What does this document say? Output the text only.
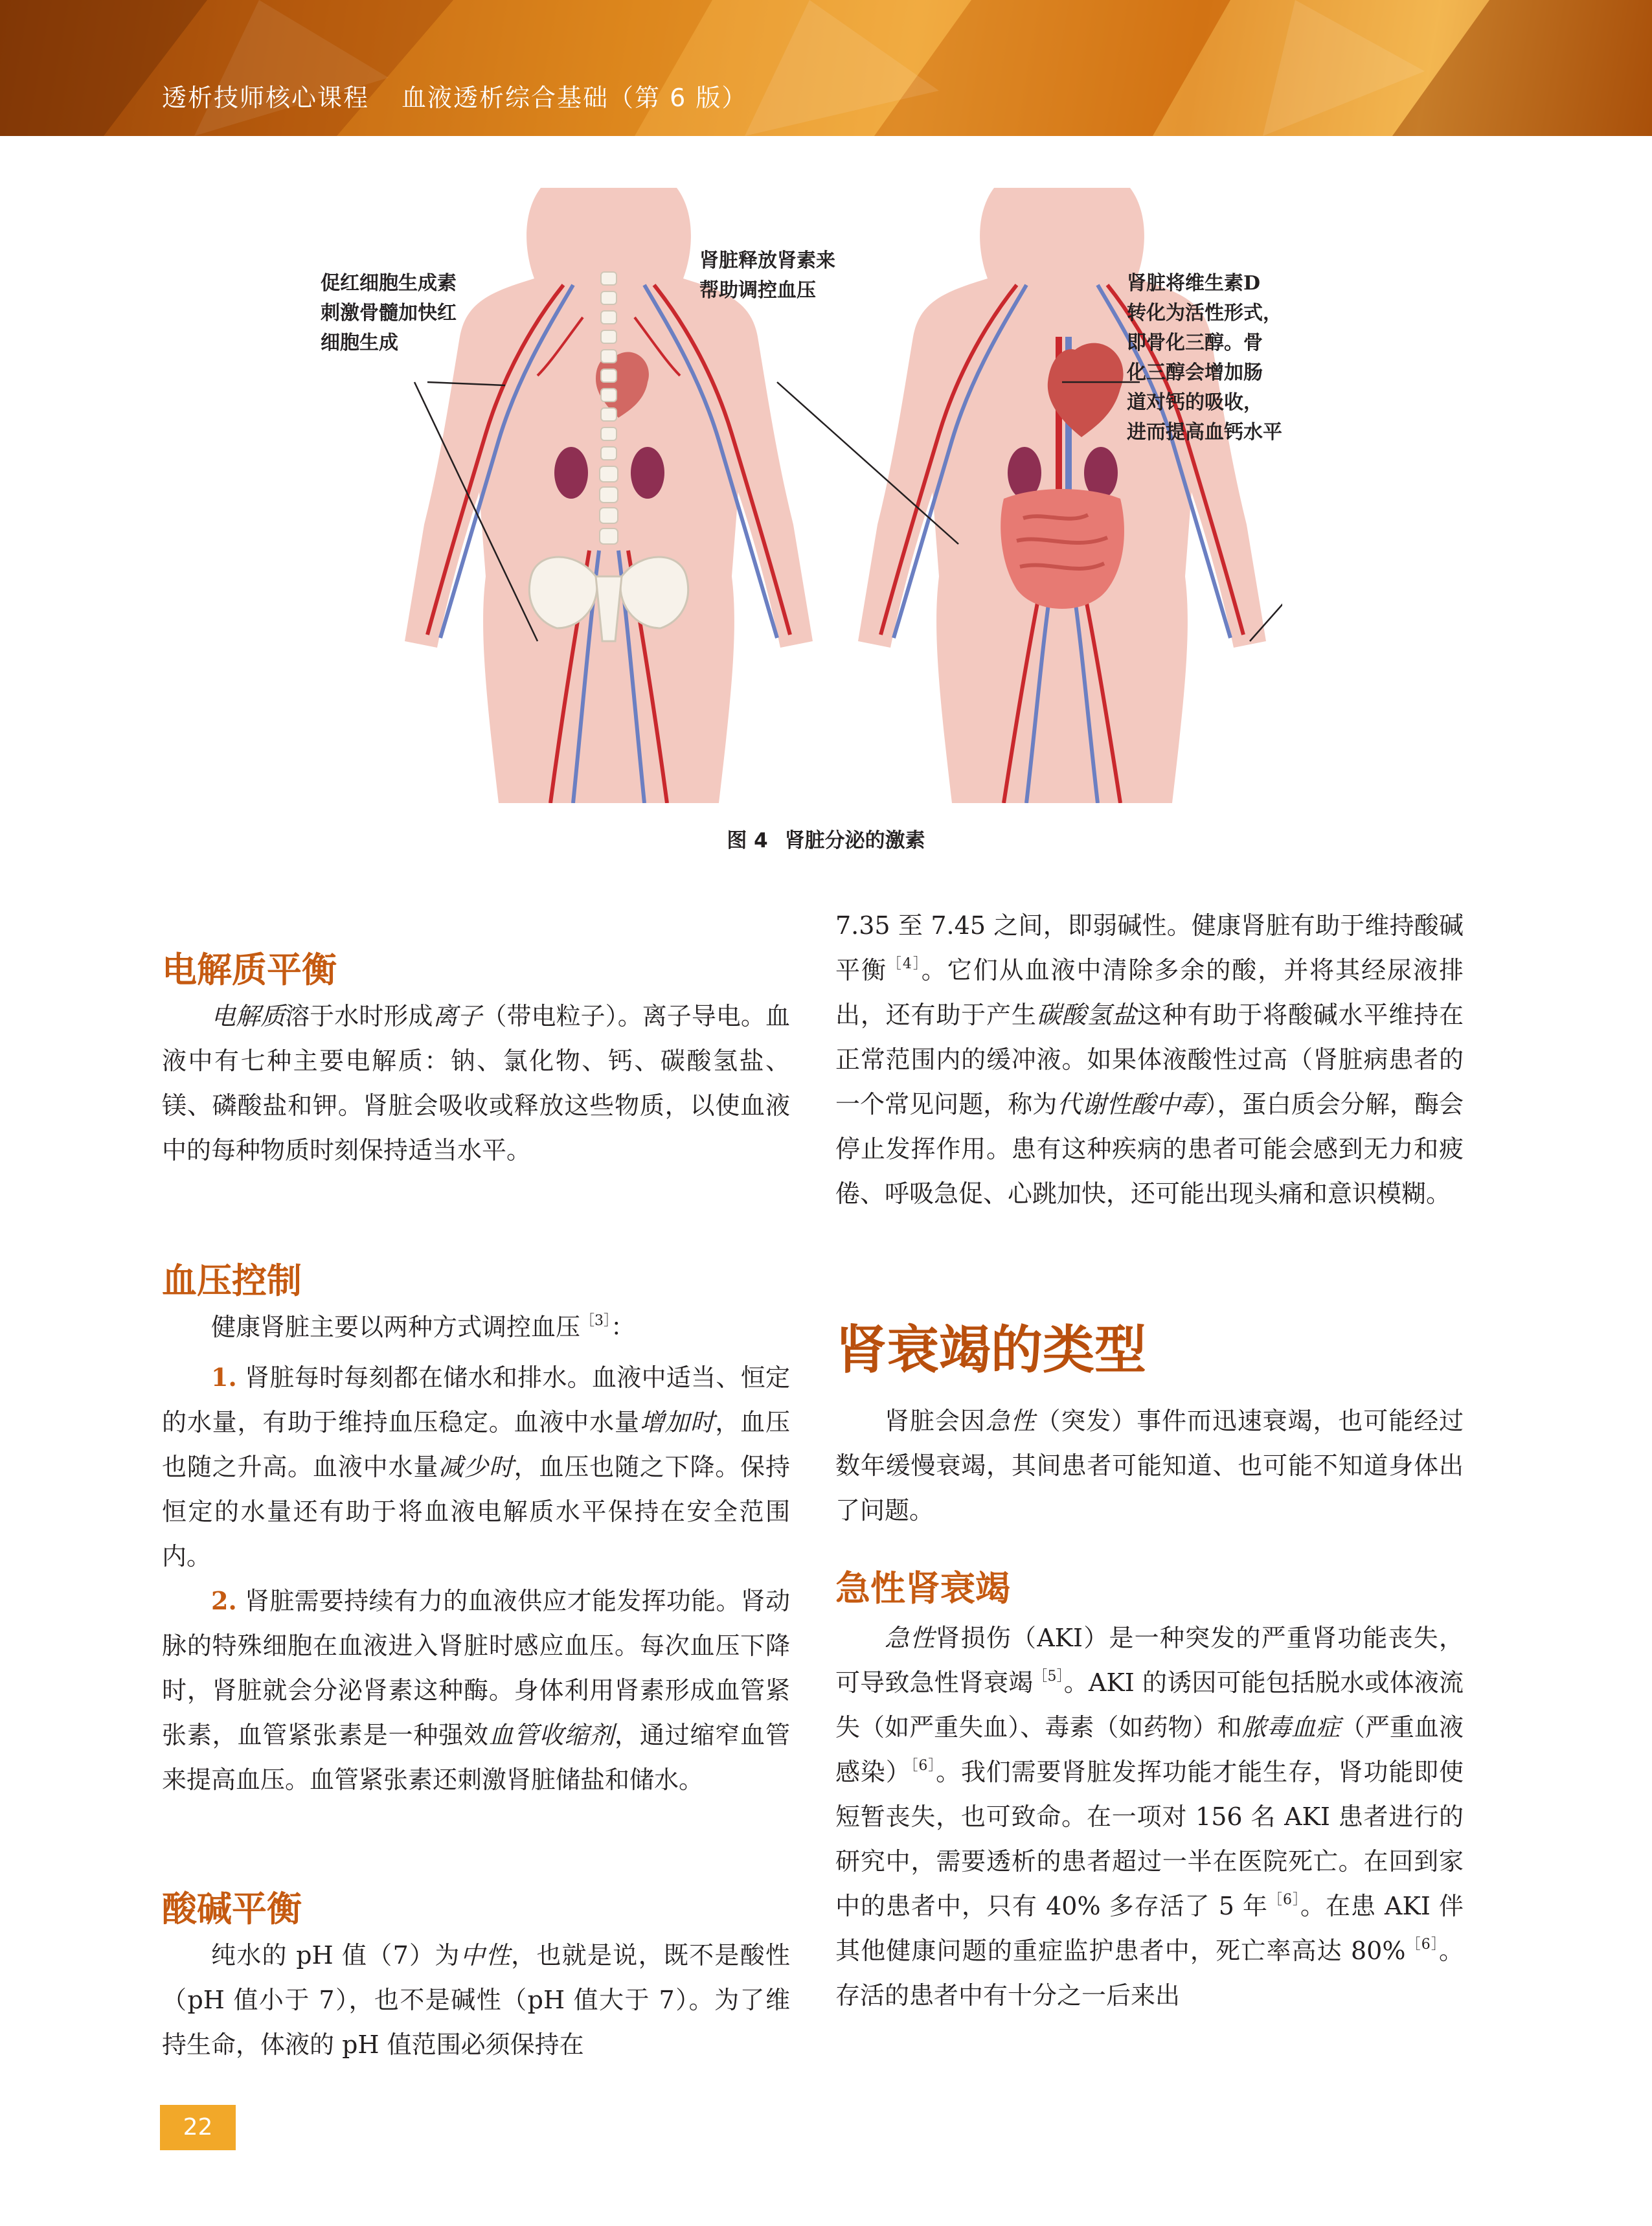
透析技师核心课程 血液透析综合基础（第 6 版）
促红细胞生成素
刺激骨髓加快红
细胞生成
肾脏释放肾素来
帮助调控血压	肾脏将维生素D
转化为活性形式，
即骨化三醇。骨
化三醇会增加肠
道对钙的吸收，
进而提高血钙水平
图 4 肾脏分泌的激素
电解质平衡
电解质溶于水时形成离子（带电粒子）。离子导电。血液中有七种主要电解质：钠、氯化物、钙、碳酸氢盐、镁、磷酸盐和钾。肾脏会吸收或释放这些物质，以使血液中的每种物质时刻保持适当水平。
血压控制
健康肾脏主要以两种方式调控血压$^{[3]}$：
1. 肾脏每时每刻都在储水和排水。血液中适当、恒定的水量，有助于维持血压稳定。血液中水量增加时，血压也随之升高。血液中水量减少时，血压也随之下降。保持恒定的水量还有助于将血液电解质水平保持在安全范围内。
2. 肾脏需要持续有力的血液供应才能发挥功能。肾动脉的特殊细胞在血液进入肾脏时感应血压。每次血压下降时，肾脏就会分泌肾素这种酶。身体利用肾素形成血管紧张素，血管紧张素是一种强效血管收缩剂，通过缩窄血管来提高血压。血管紧张素还刺激肾脏储盐和储水。
酸碱平衡
纯水的 pH 值（7）为中性，也就是说，既不是酸性（pH 值小于 7），也不是碱性（pH 值大于 7）。为了维持生命，体液的 pH 值范围必须保持在
7.35 至 7.45 之间，即弱碱性。健康肾脏有助于维持酸碱平衡$^{[4]}$。它们从血液中清除多余的酸，并将其经尿液排出，还有助于产生碳酸氢盐这种有助于将酸碱水平维持在正常范围内的缓冲液。如果体液酸性过高（肾脏病患者的一个常见问题，称为代谢性酸中毒），蛋白质会分解，酶会停止发挥作用。患有这种疾病的患者可能会感到无力和疲倦、呼吸急促、心跳加快，还可能出现头痛和意识模糊。
肾衰竭的类型
肾脏会因急性（突发）事件而迅速衰竭，也可能经过数年缓慢衰竭，其间患者可能知道、也可能不知道身体出了问题。
急性肾衰竭
急性肾损伤（AKI）是一种突发的严重肾功能丧失，可导致急性肾衰竭$^{[5]}$。AKI 的诱因可能包括脱水或体液流失（如严重失血）、毒素（如药物）和脓毒血症（严重血液感染）$^{[6]}$。我们需要肾脏发挥功能才能生存，肾功能即使短暂丧失，也可致命。在一项对 156 名 AKI 患者进行的研究中，需要透析的患者超过一半在医院死亡。在回到家中的患者中，只有 40% 多存活了 5 年$^{[6]}$。在患 AKI 伴其他健康问题的重症监护患者中，死亡率高达 80%$^{[6]}$。存活的患者中有十分之一后来出
22
